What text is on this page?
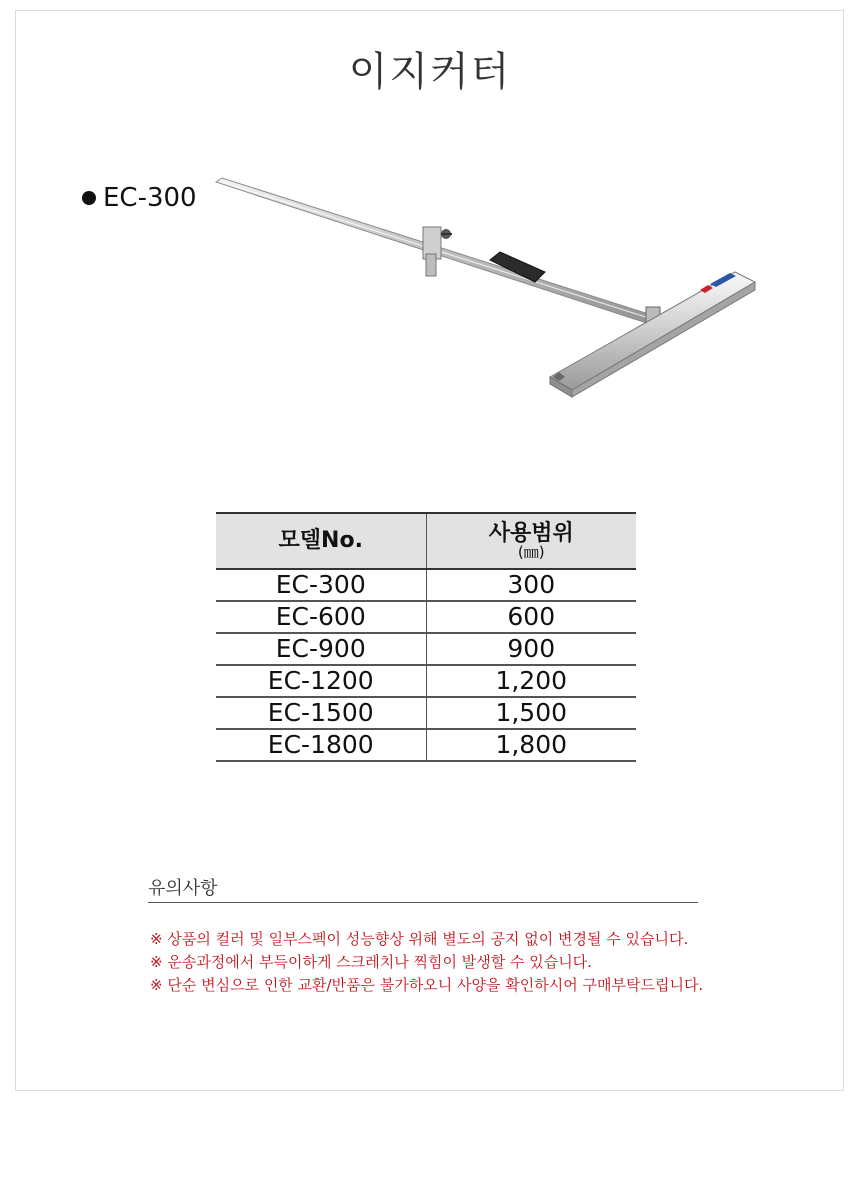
이지커터
EC-300
모델No.	사용범위
(㎜)

EC-300	300
EC-600	600
EC-900	900
EC-1200	1,200
EC-1500	1,500
EC-1800	1,800
유의사항
※ 상품의 컬러 및 일부스펙이 성능향상 위해 별도의 공지 없이 변경될 수 있습니다.
※ 운송과정에서 부득이하게 스크레치나 찍힘이 발생할 수 있습니다.
※ 단순 변심으로 인한 교환/반품은 불가하오니 사양을 확인하시어 구매부탁드립니다.
